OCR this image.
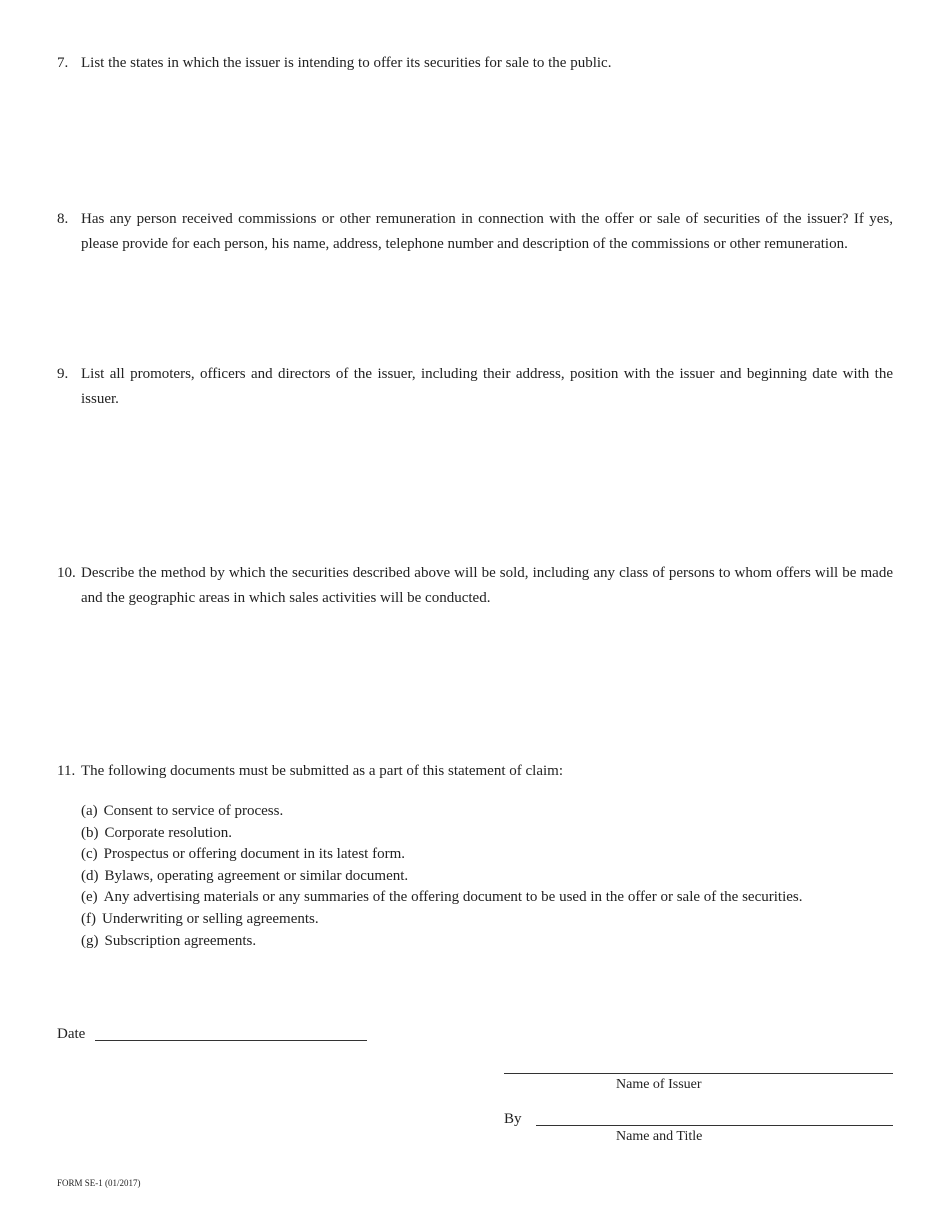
7. List the states in which the issuer is intending to offer its securities for sale to the public.
8. Has any person received commissions or other remuneration in connection with the offer or sale of securities of the issuer? If yes, please provide for each person, his name, address, telephone number and description of the commissions or other remuneration.
9. List all promoters, officers and directors of the issuer, including their address, position with the issuer and beginning date with the issuer.
10. Describe the method by which the securities described above will be sold, including any class of persons to whom offers will be made and the geographic areas in which sales activities will be conducted.
11. The following documents must be submitted as a part of this statement of claim:
(a) Consent to service of process.
(b) Corporate resolution.
(c) Prospectus or offering document in its latest form.
(d) Bylaws, operating agreement or similar document.
(e) Any advertising materials or any summaries of the offering document to be used in the offer or sale of the securities.
(f) Underwriting or selling agreements.
(g) Subscription agreements.
Date
Name of Issuer
By
Name and Title
FORM SE-1 (01/2017)
